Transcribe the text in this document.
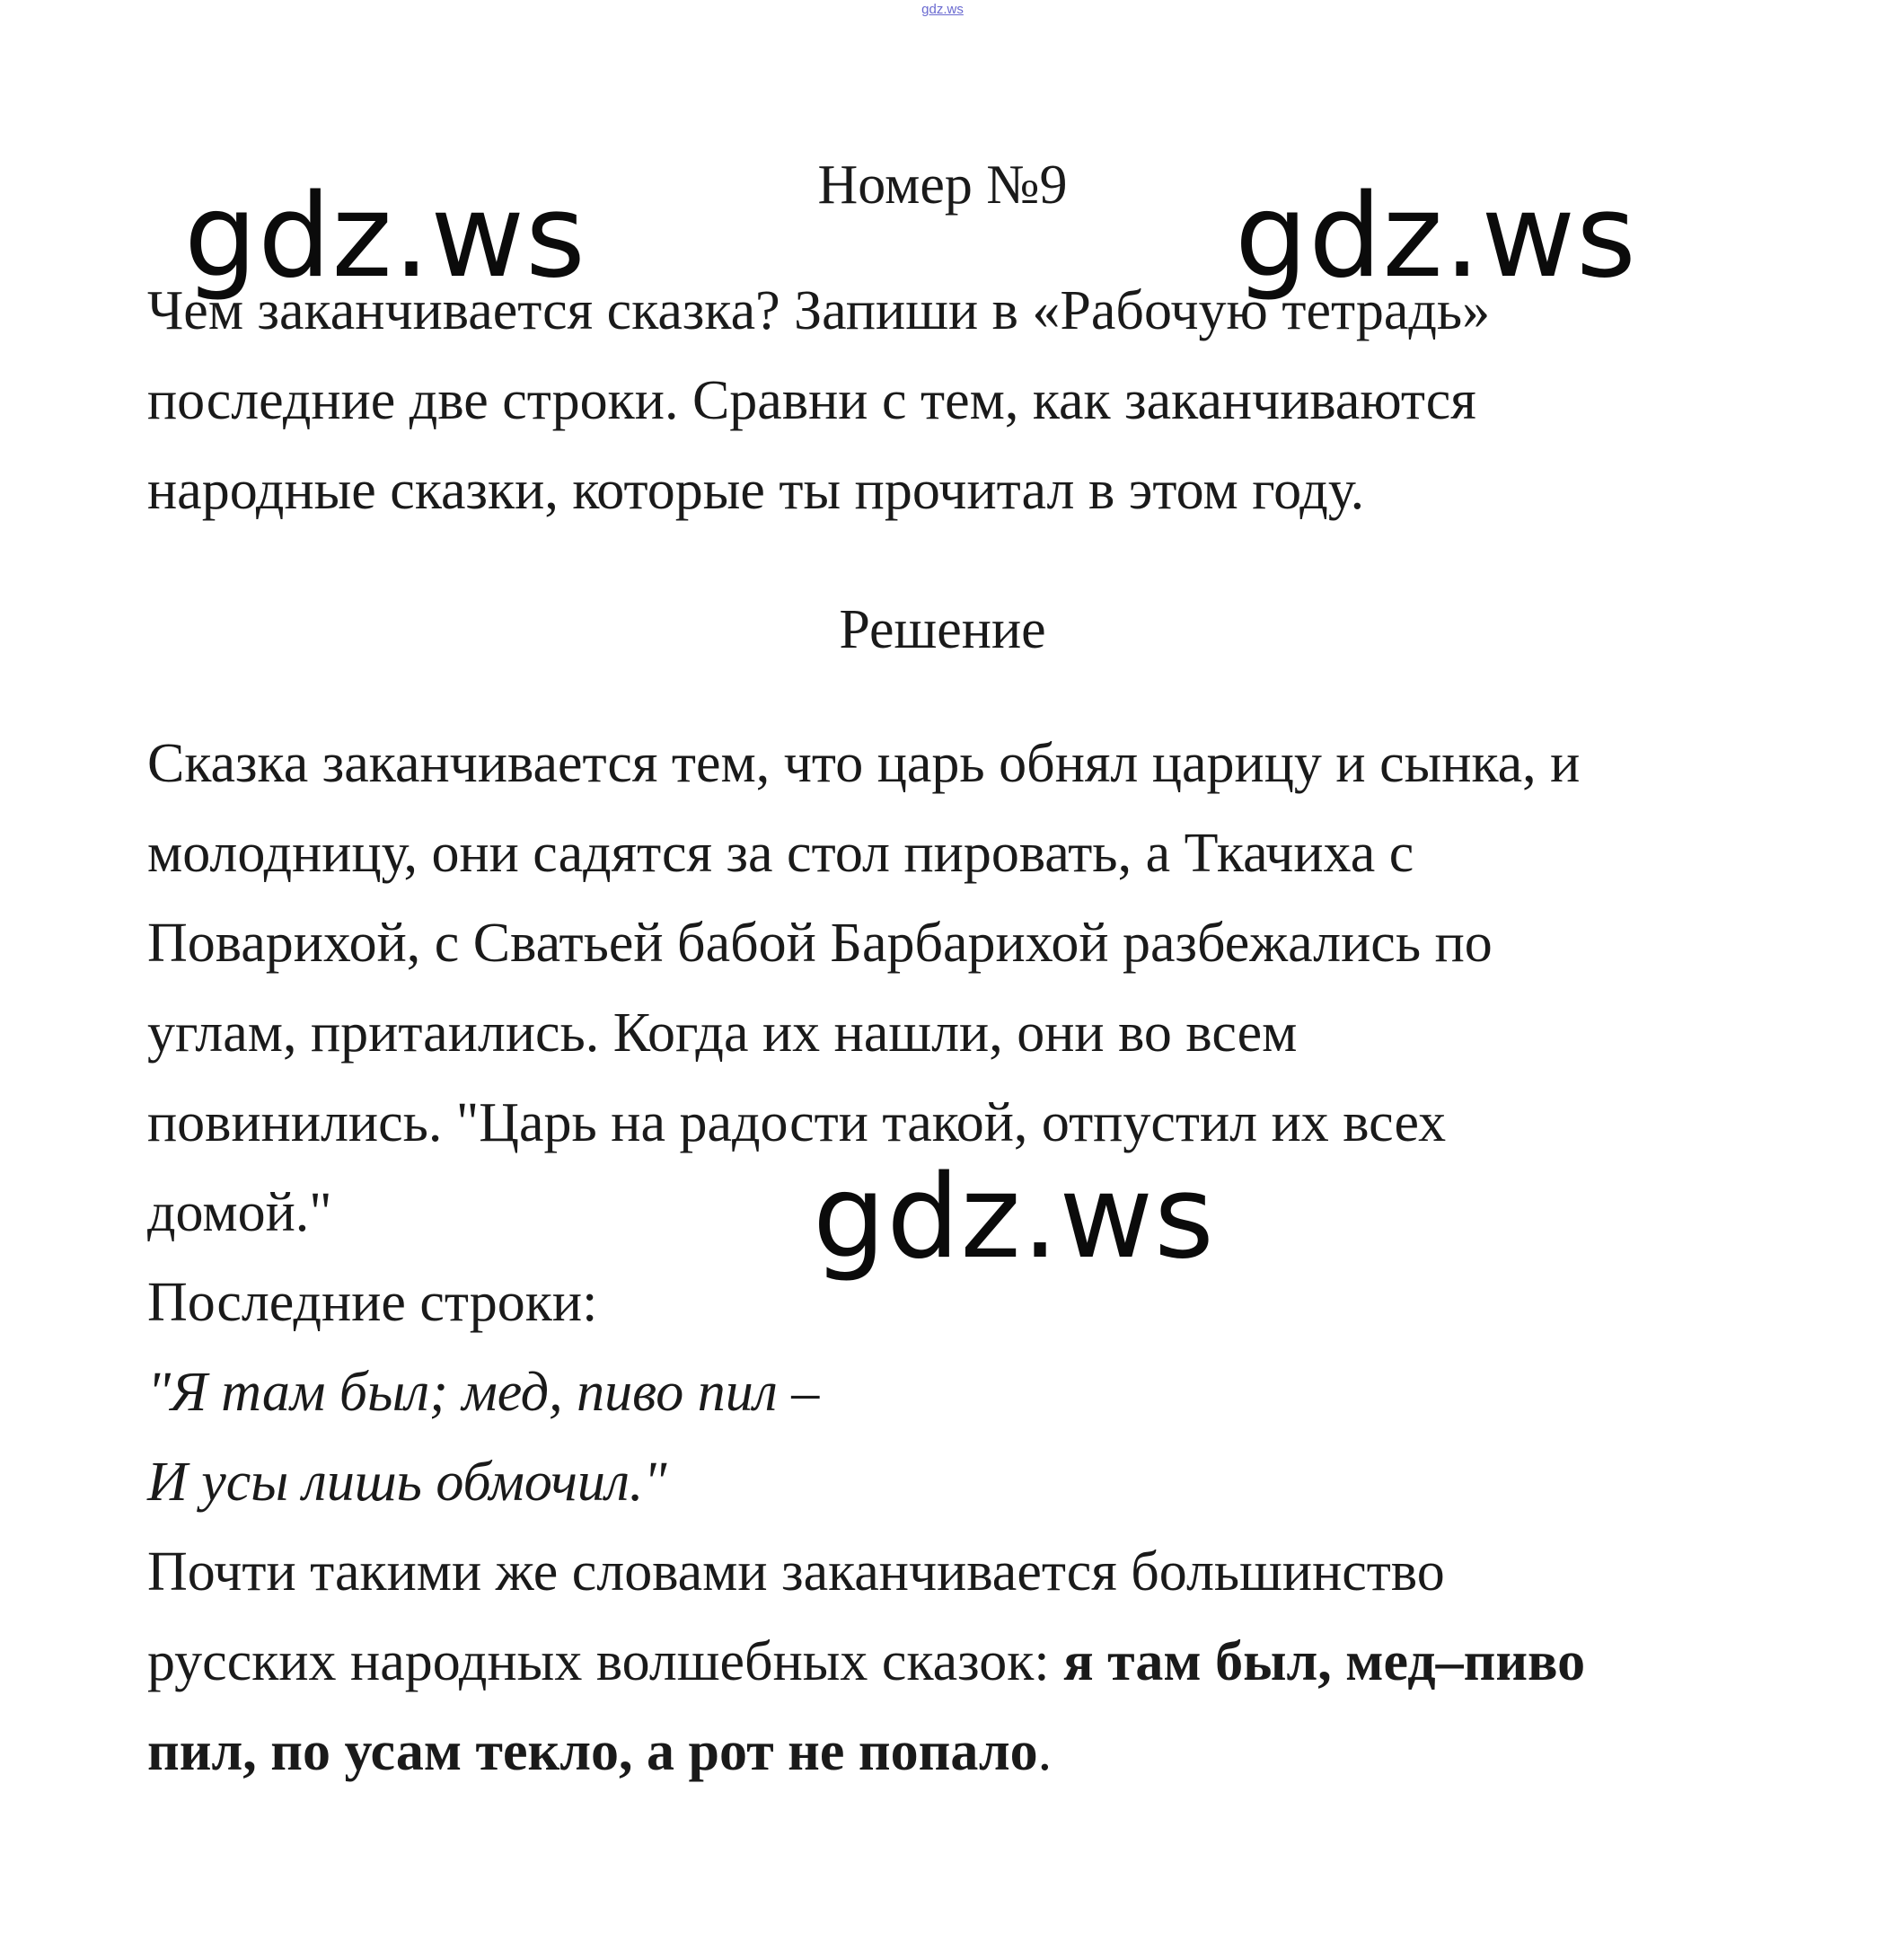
gdz.ws
gdz.ws	gdz.ws
gdz.ws
Номер №9
Чем заканчивается сказка? Запиши в «Рабочую тетрадь»
последние две строки. Сравни с тем, как заканчиваются
народные сказки, которые ты прочитал в этом году.
Решение
Сказка заканчивается тем, что царь обнял царицу и сынка, и
молодницу, они садятся за стол пировать, а Ткачиха с
Поварихой, с Сватьей бабой Барбарихой разбежались по
углам, притаились. Когда их нашли, они во всем
повинились. "Царь на радости такой, отпустил их всех
домой."
Последние строки:
"Я там был; мед, пиво пил –
И усы лишь обмочил."
Почти такими же словами заканчивается большинство
русских народных волшебных сказок: я там был, мед–пиво
пил, по усам текло, а рот не попало.
